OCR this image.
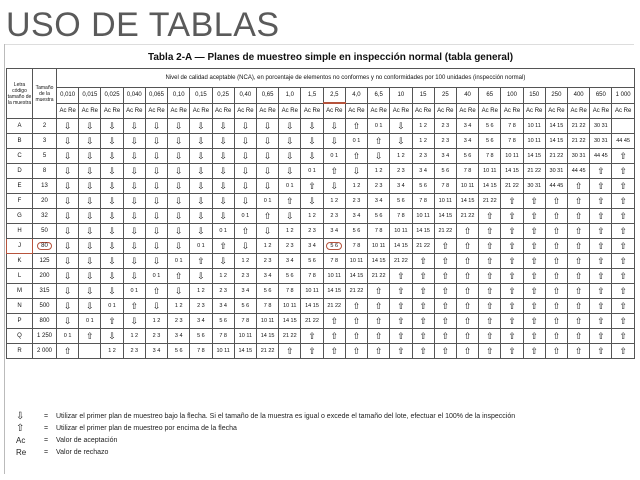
USO DE TABLAS
Tabla 2-A — Planes de muestreo simple en inspección normal (tabla general)
Letra código tamaño de la muestra	Tamaño de la muestra	Nivel de calidad aceptable (NCA), en porcentaje de elementos no conformes y no conformidades por 100 unidades (inspección normal)																									
		0,010	0,015	0,025	0,040	0,065	0,10	0,15	0,25	0,40	0,65	1,0	1,5	2,5	4,0	6,5	10	15	25	40	65	100	150	250	400	650	1 000
		Ac Re	Ac Re	Ac Re	Ac Re	Ac Re	Ac Re	Ac Re	Ac Re	Ac Re	Ac Re	Ac Re	Ac Re	Ac Re	Ac Re	Ac Re	Ac Re	Ac Re	Ac Re	Ac Re	Ac Re	Ac Re	Ac Re	Ac Re	Ac Re	Ac Re	Ac Re
A	2	⇩	⇩	⇩	⇩	⇩	⇩	⇩	⇩	⇩	⇩	⇩	⇩	⇩	⇧	0 1	⇩	1 2	2 3	3 4	5 6	7 8	10 11	14 15	21 22	30 31	
B	3	⇩	⇩	⇩	⇩	⇩	⇩	⇩	⇩	⇩	⇩	⇩	⇩	⇩	0 1	⇧	⇩	1 2	2 3	3 4	5 6	7 8	10 11	14 15	21 22	30 31	44 45
C	5	⇩	⇩	⇩	⇩	⇩	⇩	⇩	⇩	⇩	⇩	⇩	⇩	0 1	⇧	⇩	1 2	2 3	3 4	5 6	7 8	10 11	14 15	21 22	30 31	44 45	⇧
D	8	⇩	⇩	⇩	⇩	⇩	⇩	⇩	⇩	⇩	⇩	⇩	0 1	⇧	⇩	1 2	2 3	3 4	5 6	7 8	10 11	14 15	21 22	30 31	44 45	⇧	⇧
E	13	⇩	⇩	⇩	⇩	⇩	⇩	⇩	⇩	⇩	⇩	0 1	⇧	⇩	1 2	2 3	3 4	5 6	7 8	10 11	14 15	21 22	30 31	44 45	⇧	⇧	⇧
F	20	⇩	⇩	⇩	⇩	⇩	⇩	⇩	⇩	⇩	0 1	⇧	⇩	1 2	2 3	3 4	5 6	7 8	10 11	14 15	21 22	⇧	⇧	⇧	⇧	⇧	⇧
G	32	⇩	⇩	⇩	⇩	⇩	⇩	⇩	⇩	0 1	⇧	⇩	1 2	2 3	3 4	5 6	7 8	10 11	14 15	21 22	⇧	⇧	⇧	⇧	⇧	⇧	⇧
H	50	⇩	⇩	⇩	⇩	⇩	⇩	⇩	0 1	⇧	⇩	1 2	2 3	3 4	5 6	7 8	10 11	14 15	21 22	⇧	⇧	⇧	⇧	⇧	⇧	⇧	⇧
J	80	⇩	⇩	⇩	⇩	⇩	⇩	0 1	⇧	⇩	1 2	2 3	3 4	5 6	7 8	10 11	14 15	21 22	⇧	⇧	⇧	⇧	⇧	⇧	⇧	⇧	⇧
K	125	⇩	⇩	⇩	⇩	⇩	0 1	⇧	⇩	1 2	2 3	3 4	5 6	7 8	10 11	14 15	21 22	⇧	⇧	⇧	⇧	⇧	⇧	⇧	⇧	⇧	⇧
L	200	⇩	⇩	⇩	⇩	0 1	⇧	⇩	1 2	2 3	3 4	5 6	7 8	10 11	14 15	21 22	⇧	⇧	⇧	⇧	⇧	⇧	⇧	⇧	⇧	⇧	⇧
M	315	⇩	⇩	⇩	0 1	⇧	⇩	1 2	2 3	3 4	5 6	7 8	10 11	14 15	21 22	⇧	⇧	⇧	⇧	⇧	⇧	⇧	⇧	⇧	⇧	⇧	⇧
N	500	⇩	⇩	0 1	⇧	⇩	1 2	2 3	3 4	5 6	7 8	10 11	14 15	21 22	⇧	⇧	⇧	⇧	⇧	⇧	⇧	⇧	⇧	⇧	⇧	⇧	⇧
P	800	⇩	0 1	⇧	⇩	1 2	2 3	3 4	5 6	7 8	10 11	14 15	21 22	⇧	⇧	⇧	⇧	⇧	⇧	⇧	⇧	⇧	⇧	⇧	⇧	⇧	⇧
Q	1 250	0 1	⇧	⇩	1 2	2 3	3 4	5 6	7 8	10 11	14 15	21 22	⇧	⇧	⇧	⇧	⇧	⇧	⇧	⇧	⇧	⇧	⇧	⇧	⇧	⇧	⇧
R	2 000	⇧		1 2	2 3	3 4	5 6	7 8	10 11	14 15	21 22	⇧	⇧	⇧	⇧	⇧	⇧	⇧	⇧	⇧	⇧	⇧	⇧	⇧	⇧	⇧	⇧
⇩	=	Utilizar el primer plan de muestreo bajo la flecha. Si el tamaño de la muestra es igual o excede el tamaño del lote, efectuar el 100% de la inspección
⇧	=	Utilizar el primer plan de muestreo por encima de la flecha
Ac	=	Valor de aceptación
Re	=	Valor de rechazo
